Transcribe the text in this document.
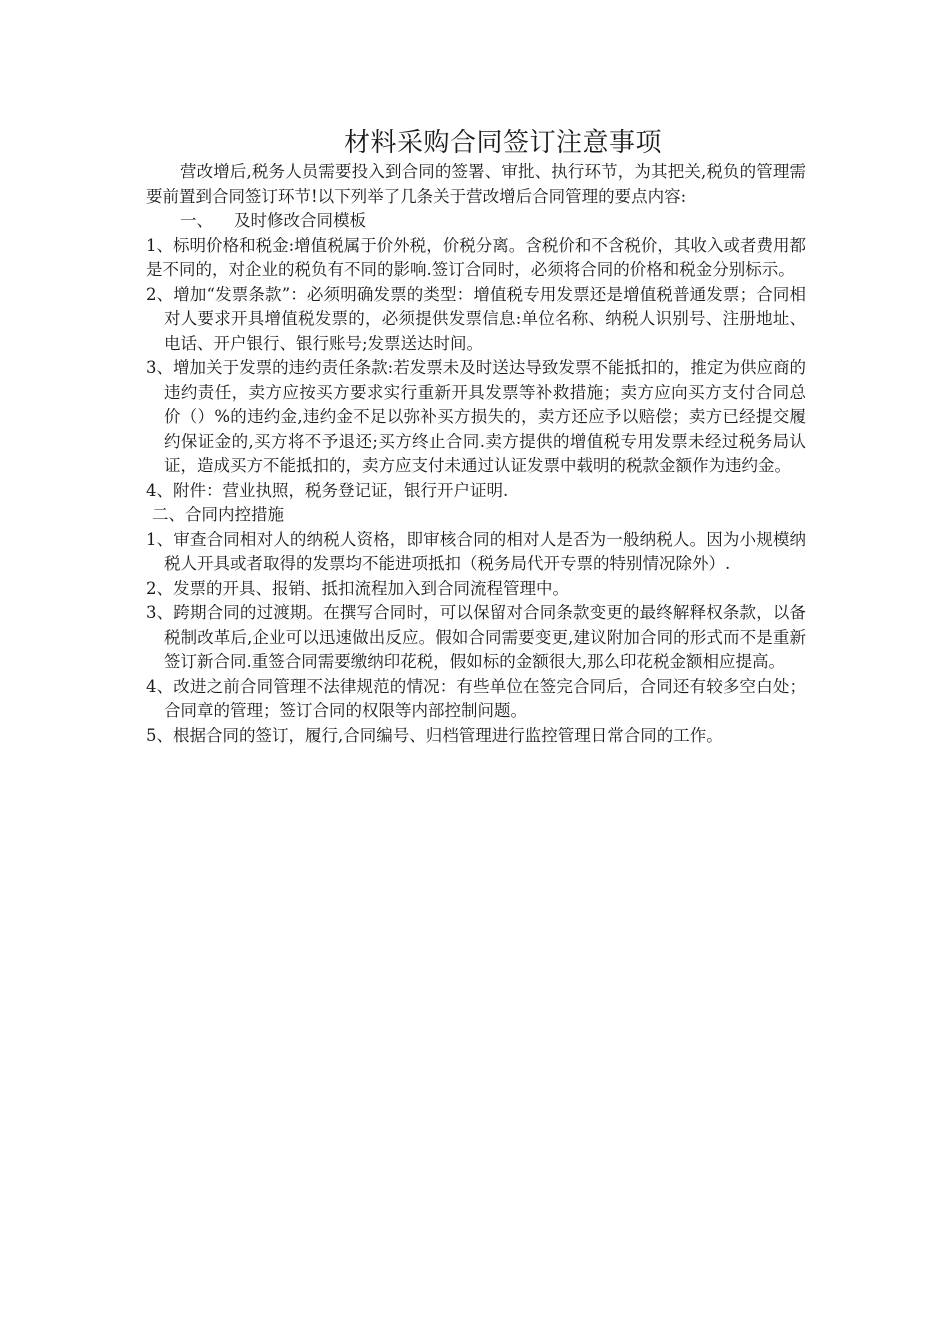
材料采购合同签订注意事项

营改增后,税务人员需要投入到合同的签署、审批、执行环节，为其把关,税负的管理需要前置到合同签订环节!以下列举了几条关于营改增后合同管理的要点内容:

一、    及时修改合同模板

1、标明价格和税金:增值税属于价外税，价税分离。含税价和不含税价，其收入或者费用都是不同的，对企业的税负有不同的影响.签订合同时，必须将合同的价格和税金分别标示。

2、增加“发票条款”：必须明确发票的类型：增值税专用发票还是增值税普通发票；合同相对人要求开具增值税发票的，必须提供发票信息:单位名称、纳税人识别号、注册地址、电话、开户银行、银行账号;发票送达时间。

3、增加关于发票的违约责任条款:若发票未及时送达导致发票不能抵扣的，推定为供应商的违约责任，卖方应按买方要求实行重新开具发票等补救措施；卖方应向买方支付合同总价（）%的违约金,违约金不足以弥补买方损失的，卖方还应予以赔偿；卖方已经提交履约保证金的,买方将不予退还;买方终止合同.卖方提供的增值税专用发票未经过税务局认证，造成买方不能抵扣的，卖方应支付未通过认证发票中载明的税款金额作为违约金。

4、附件：营业执照，税务登记证，银行开户证明.

二、合同内控措施

1、审查合同相对人的纳税人资格，即审核合同的相对人是否为一般纳税人。因为小规模纳税人开具或者取得的发票均不能进项抵扣（税务局代开专票的特别情况除外）.

2、发票的开具、报销、抵扣流程加入到合同流程管理中。

3、跨期合同的过渡期。在撰写合同时，可以保留对合同条款变更的最终解释权条款，以备税制改革后,企业可以迅速做出反应。假如合同需要变更,建议附加合同的形式而不是重新签订新合同.重签合同需要缴纳印花税，假如标的金额很大,那么印花税金额相应提高。

4、改进之前合同管理不法律规范的情况：有些单位在签完合同后，合同还有较多空白处；合同章的管理；签订合同的权限等内部控制问题。

5、根据合同的签订，履行,合同编号、归档管理进行监控管理日常合同的工作。
